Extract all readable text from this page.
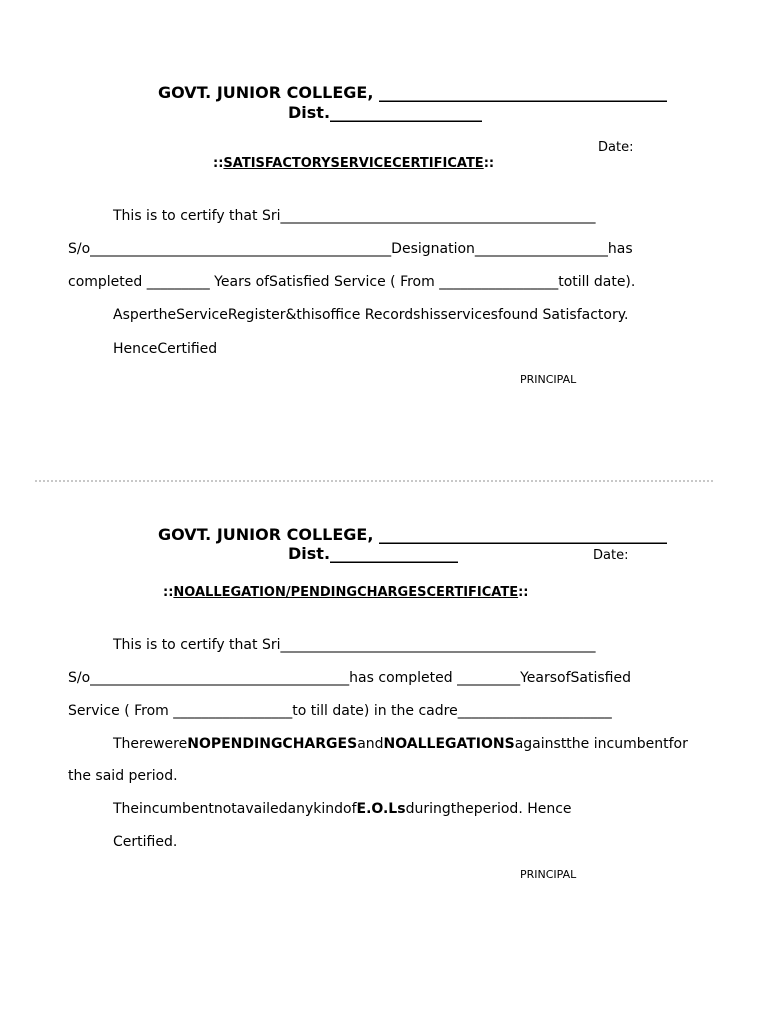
GOVT. JUNIOR COLLEGE, ____________________________________
Dist.___________________
Date:
::SATISFACTORYSERVICECERTIFICATE::
This is to certify that Sri_____________________________________________
S/o___________________________________________Designation___________________has
completed _________ Years ofSatisfied Service ( From _________________totill date).
AspertheServiceRegister&thisoffice Recordshisservicesfound Satisfactory.
HenceCertified
PRINCIPAL
GOVT. JUNIOR COLLEGE, ____________________________________
Dist.________________	Date:
::NOALLEGATION/PENDINGCHARGESCERTIFICATE::
This is to certify that Sri_____________________________________________
S/o_____________________________________has completed _________YearsofSatisfied
Service ( From _________________to till date) in the cadre______________________
TherewereNOPENDINGCHARGESandNOALLEGATIONSagainstthe incumbentfor
the said period.
TheincumbentnotavailedanykindofE.O.Lsduringtheperiod. Hence
Certified.
PRINCIPAL
